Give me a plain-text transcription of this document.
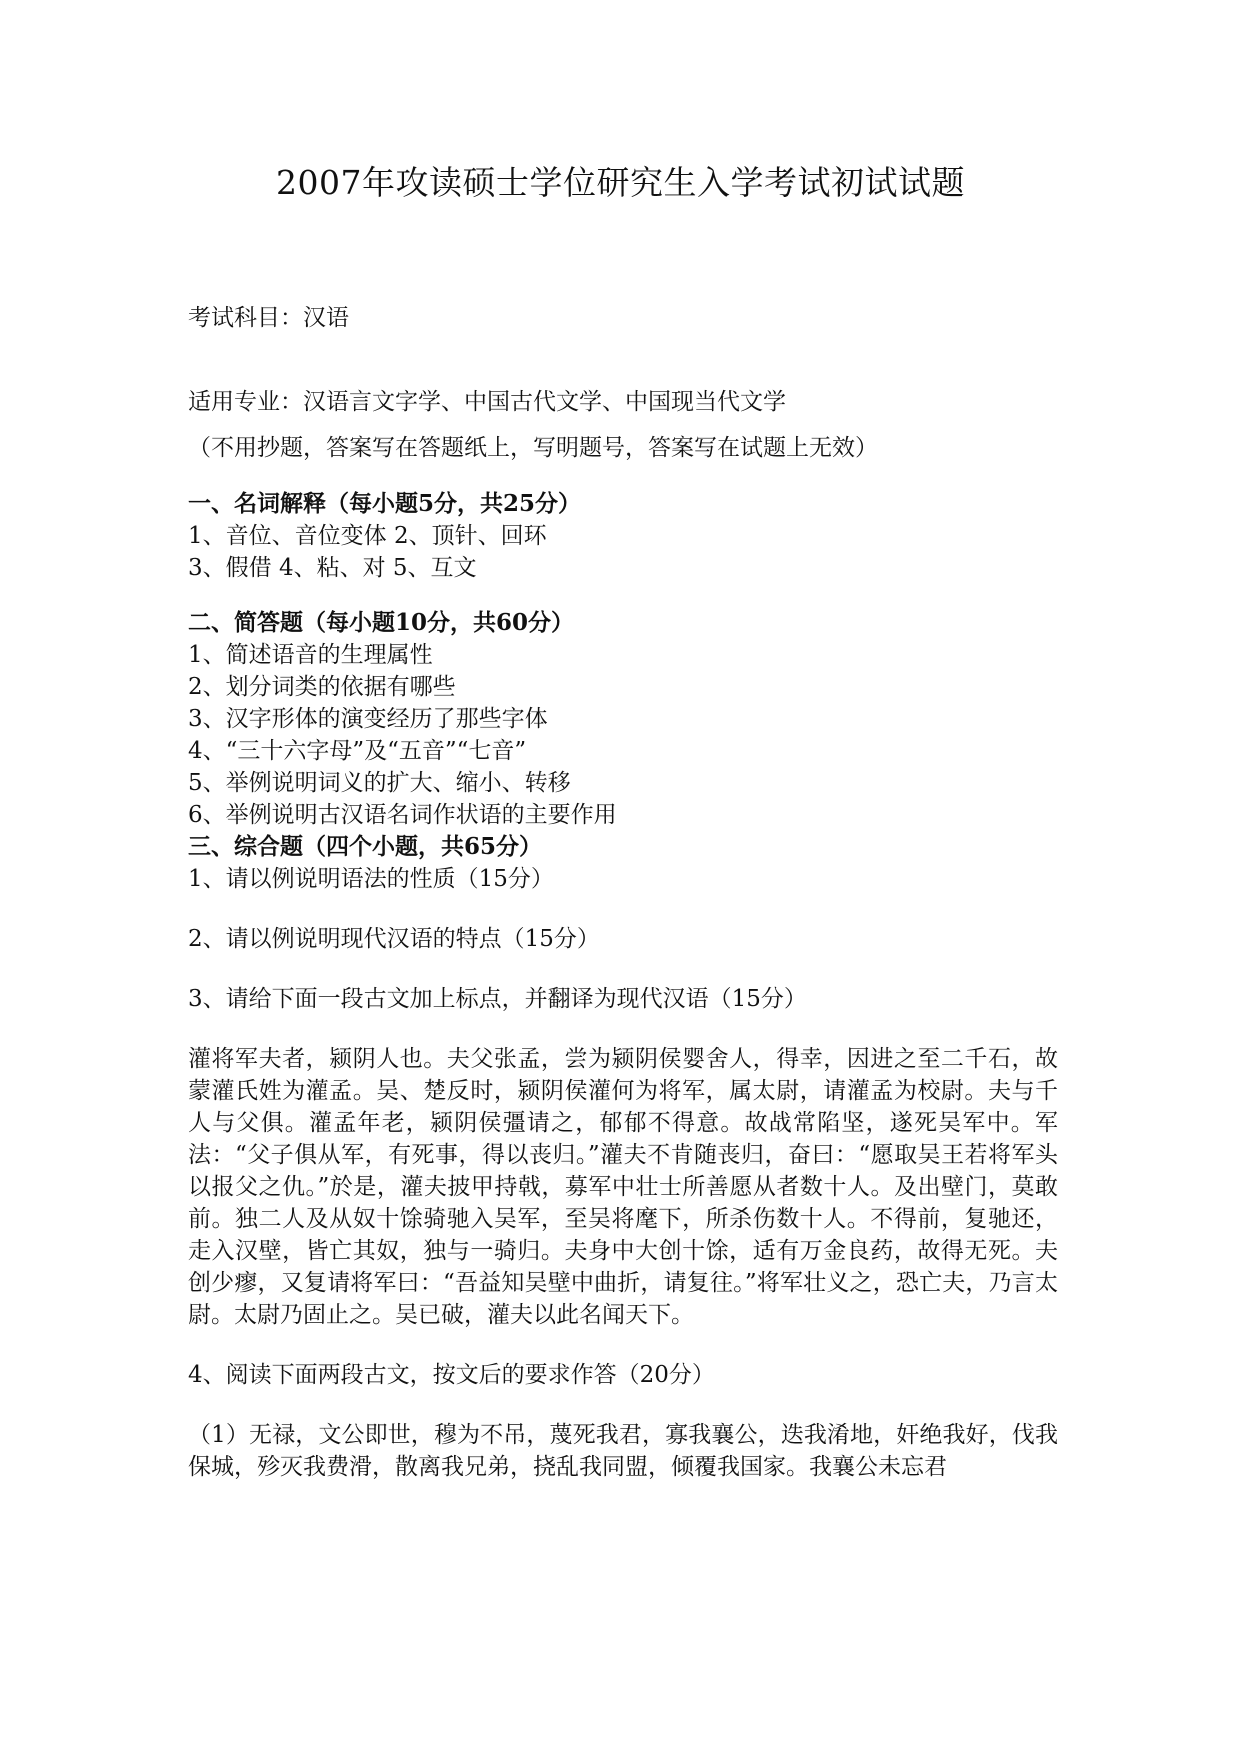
2007年攻读硕士学位研究生入学考试初试试题

考试科目：汉语

适用专业：汉语言文字学、中国古代文学、中国现当代文学

（不用抄题，答案写在答题纸上，写明题号，答案写在试题上无效）

一、名词解释（每小题5分，共25分）

1、音位、音位变体 2、顶针、回环

3、假借 4、粘、对 5、互文

二、简答题（每小题10分，共60分）

1、简述语音的生理属性

2、划分词类的依据有哪些

3、汉字形体的演变经历了那些字体

4、“三十六字母”及“五音”“七音”

5、举例说明词义的扩大、缩小、转移

6、举例说明古汉语名词作状语的主要作用

三、综合题（四个小题，共65分）

1、请以例说明语法的性质（15分）

2、请以例说明现代汉语的特点（15分）

3、请给下面一段古文加上标点，并翻译为现代汉语（15分）

灌将军夫者，颍阴人也。夫父张孟，尝为颍阴侯婴舍人，得幸，因进之至二千石，故蒙灌氏姓为灌孟。吴、楚反时，颍阴侯灌何为将军，属太尉，请灌孟为校尉。夫与千人与父俱。灌孟年老，颍阴侯彊请之，郁郁不得意。故战常陷坚，遂死吴军中。军法：“父子俱从军，有死事，得以丧归。”灌夫不肯随丧归，奋曰：“愿取吴王若将军头以报父之仇。”於是，灌夫披甲持戟，募军中壮士所善愿从者数十人。及出壁门，莫敢前。独二人及从奴十馀骑驰入吴军，至吴将麾下，所杀伤数十人。不得前，复驰还，走入汉壁，皆亡其奴，独与一骑归。夫身中大创十馀，适有万金良药，故得无死。夫创少瘳，又复请将军曰：“吾益知吴壁中曲折，请复往。”将军壮义之，恐亡夫，乃言太尉。太尉乃固止之。吴已破，灌夫以此名闻天下。

4、阅读下面两段古文，按文后的要求作答（20分）

（1）无禄，文公即世，穆为不吊，蔑死我君，寡我襄公，迭我淆地，奸绝我好，伐我保城，殄灭我费滑，散离我兄弟，挠乱我同盟，倾覆我国家。我襄公未忘君
